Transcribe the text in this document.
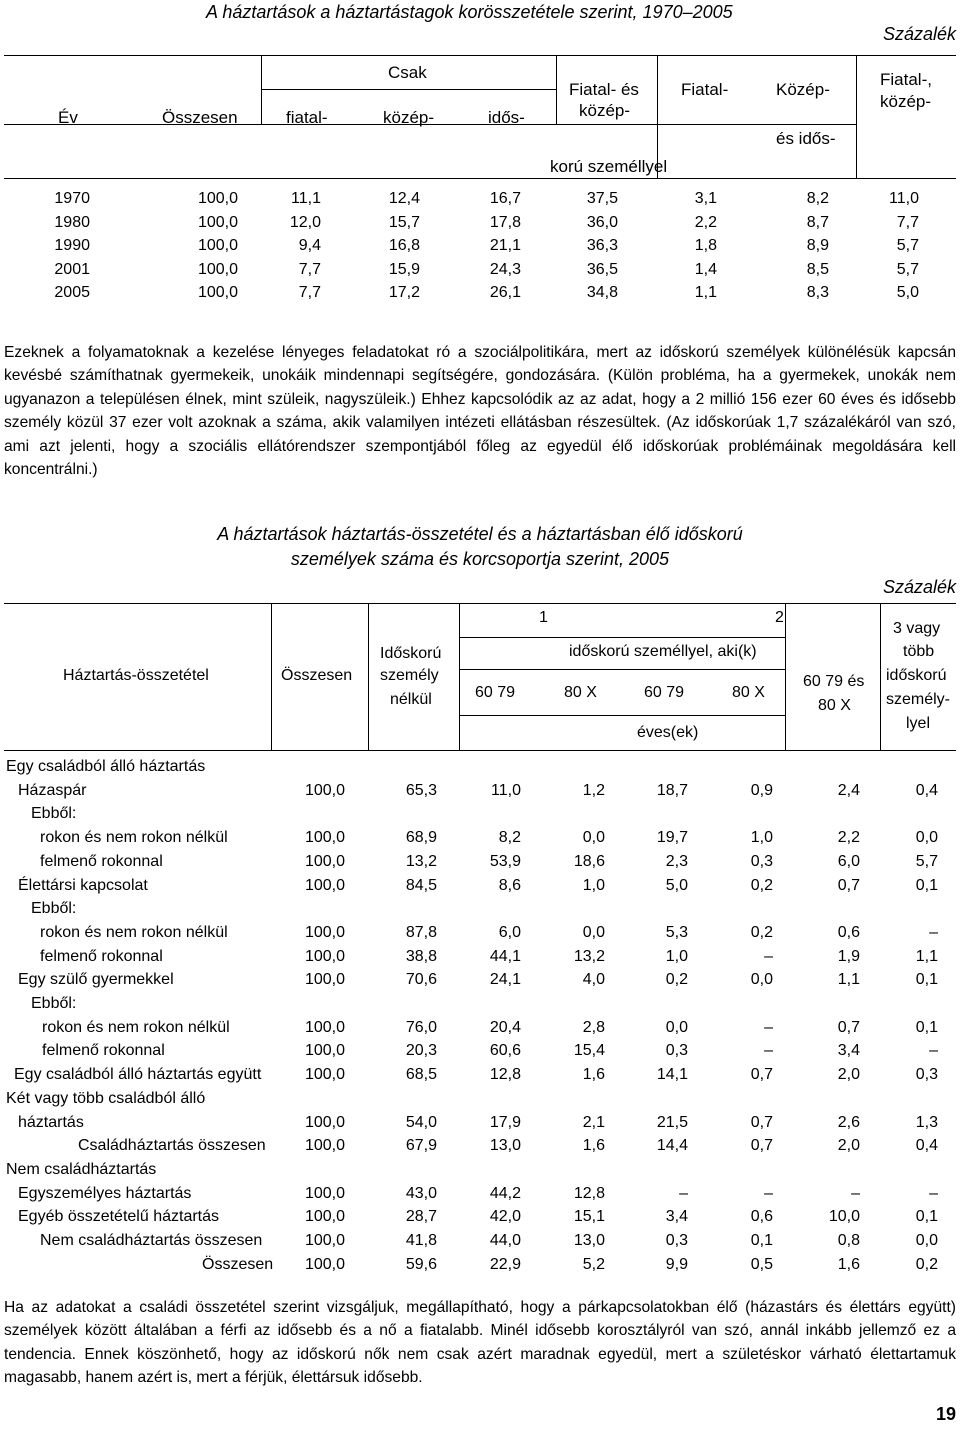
A háztartások a háztartástagok korösszetétele szerint, 1970–2005
Százalék
Év	Összesen
Csak
fiatal-	közép-	idős-
Fiatal- és
közép-
Fiatal-	Közép-
és idős-
Fiatal-,
közép-
korú személlyel
1970	100,0	11,1	12,4	16,7	37,5	3,1	8,2	11,0
1980	100,0	12,0	15,7	17,8	36,0	2,2	8,7	7,7
1990	100,0	9,4	16,8	21,1	36,3	1,8	8,9	5,7
2001	100,0	7,7	15,9	24,3	36,5	1,4	8,5	5,7
2005	100,0	7,7	17,2	26,1	34,8	1,1	8,3	5,0
Ezeknek a folyamatoknak a kezelése lényeges feladatokat ró a szociálpolitikára, mert az időskorú személyek különélésük kapcsán kevésbé számíthatnak gyermekeik, unokáik mindennapi segítségére, gondozására. (Külön probléma, ha a gyermekek, unokák nem ugyanazon a településen élnek, mint szüleik, nagyszüleik.) Ehhez kapcsolódik az az adat, hogy a 2 millió 156 ezer 60 éves és idősebb személy közül 37 ezer volt azoknak a száma, akik valamilyen intézeti ellátásban részesültek. (Az időskorúak 1,7 százalékáról van szó, ami azt jelenti, hogy a szociális ellátórendszer szempontjából főleg az egyedül élő időskorúak problémáinak megoldására kell koncentrálni.)
A háztartások háztartás-összetétel és a háztartásban élő időskorú
személyek száma és korcsoportja szerint, 2005
Százalék
Háztartás-összetétel	Összesen
Időskorú
személy
nélkül
1	2
időskorú személlyel, aki(k)
60 79	80 X	60 79	80 X
60 79 és
80 X
éves(ek)
3 vagy
több
időskorú
személy-
lyel
Egy családból álló háztartás
Házaspár	100,0	65,3	11,0	1,2	18,7	0,9	2,4	0,4
Ebből:
rokon és nem rokon nélkül	100,0	68,9	8,2	0,0	19,7	1,0	2,2	0,0
felmenő rokonnal	100,0	13,2	53,9	18,6	2,3	0,3	6,0	5,7
Élettársi kapcsolat	100,0	84,5	8,6	1,0	5,0	0,2	0,7	0,1
Ebből:
rokon és nem rokon nélkül	100,0	87,8	6,0	0,0	5,3	0,2	0,6	–
felmenő rokonnal	100,0	38,8	44,1	13,2	1,0	–	1,9	1,1
Egy szülő gyermekkel	100,0	70,6	24,1	4,0	0,2	0,0	1,1	0,1
Ebből:
rokon és nem rokon nélkül	100,0	76,0	20,4	2,8	0,0	–	0,7	0,1
felmenő rokonnal	100,0	20,3	60,6	15,4	0,3	–	3,4	–
Egy családból álló háztartás együtt	100,0	68,5	12,8	1,6	14,1	0,7	2,0	0,3
Két vagy több családból álló
háztartás	100,0	54,0	17,9	2,1	21,5	0,7	2,6	1,3
Családháztartás összesen 100,0	67,9	13,0	1,6	14,4	0,7	2,0	0,4
Nem családháztartás
Egyszemélyes háztartás	100,0	43,0	44,2	12,8	–	–	–	–
Egyéb összetételű háztartás	100,0	28,7	42,0	15,1	3,4	0,6	10,0	0,1
Nem családháztartás összesen	100,0	41,8	44,0	13,0	0,3	0,1	0,8	0,0
Összesen 100,0	59,6	22,9	5,2	9,9	0,5	1,6	0,2
Ha az adatokat a családi összetétel szerint vizsgáljuk, megállapítható, hogy a párkapcsolatokban élő (házastárs és élettárs együtt) személyek között általában a férfi az idősebb és a nő a fiatalabb. Minél idősebb korosztályról van szó, annál inkább jellemző ez a tendencia. Ennek köszönhető, hogy az időskorú nők nem csak azért maradnak egyedül, mert a születéskor várható élettartamuk magasabb, hanem azért is, mert a férjük, élettársuk idősebb.
19
